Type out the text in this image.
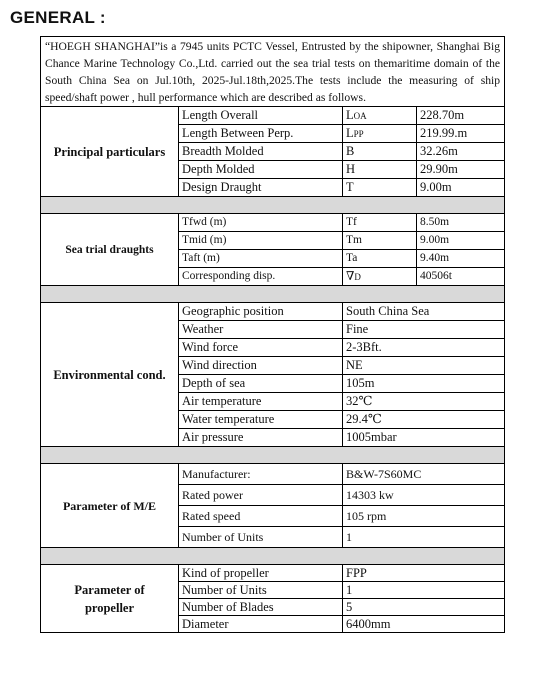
GENERAL :
“HOEGH SHANGHAI”is a 7945 units PCTC Vessel, Entrusted by the shipowner, Shanghai Big Chance Marine Technology Co.,Ltd. carried out the sea trial tests on themaritime domain of the South China Sea on Jul.10th, 2025-Jul.18th,2025.The tests include the measuring of ship speed/shaft power , hull performance which are described as follows.			
Principal particulars	Length Overall	LOA	228.70m
	Length Between Perp.	LPP	219.99.m
	Breadth Molded	B	32.26m
	Depth Molded	H	29.90m
	Design Draught	T	9.00m

Sea trial draughts	Tfwd (m)	Tf	8.50m
	Tmid (m)	Tm	9.00m
	Taft (m)	Ta	9.40m
	Corresponding disp.	∇D	40506t

Environmental cond.	Geographic position	South China Sea	
	Weather	Fine	
	Wind force	2-3Bft.	
	Wind direction	NE	
	Depth of sea	105m	
	Air temperature	32℃	
	Water temperature	29.4℃	
	Air pressure	1005mbar	

Parameter of M/E	Manufacturer:	B&W-7S60MC	
	Rated power	14303 kw	
	Rated speed	105 rpm	
	Number of Units	1	

Parameter of
propeller	Kind of propeller	FPP	
	Number of Units	1	
	Number of Blades	5	
	Diameter	6400mm	
